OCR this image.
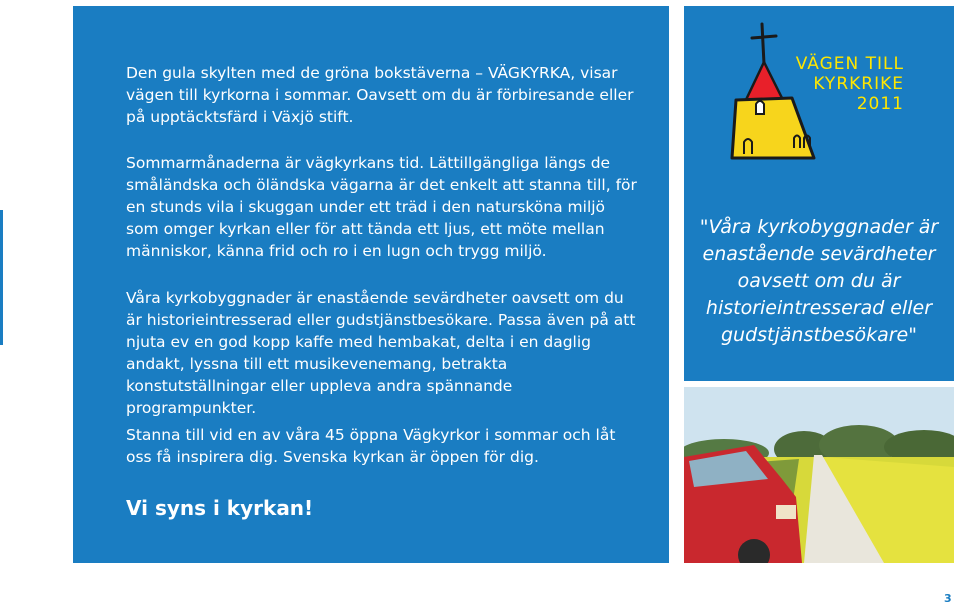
Den gula skylten med de gröna bokstäverna – VÄGKYRKA, visar vägen till kyrkorna i sommar. Oavsett om du är förbiresande eller på upptäcktsfärd i Växjö stift.

Sommarmånaderna är vägkyrkans tid. Lättillgängliga längs de småländska och öländska vägarna är det enkelt att stanna till, för en stunds vila i skuggan under ett träd i den natursköna miljö som omger kyrkan eller för att tända ett ljus, ett möte mellan människor, känna frid och ro i en lugn och trygg miljö.

Våra kyrkobyggnader är enastående sevärdheter oavsett om du är historieintresserad eller gudstjänstbesökare. Passa även på att njuta ev en god kopp kaffe med hembakat, delta i en daglig andakt, lyssna till ett musikevenemang, betrakta konstutställningar eller uppleva andra spännande programpunkter.

Stanna till vid en av våra 45 öppna Vägkyrkor i sommar och låt oss få inspirera dig. Svenska kyrkan är öppen för dig.

Vi syns i kyrkan!
VÄGEN TILL
KYRKRIKE
2011
"Våra kyrkobyggnader är enastående sevärdheter oavsett om du är historieintresserad eller gudstjänstbesökare"
3
